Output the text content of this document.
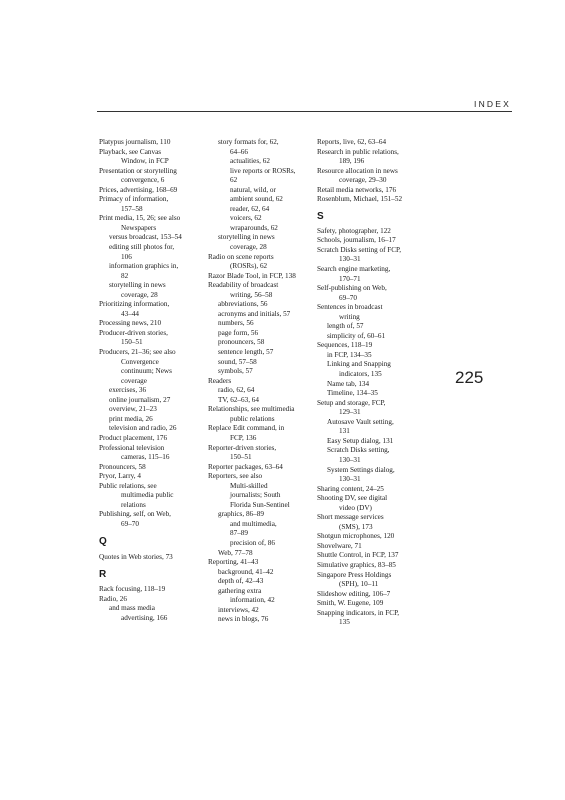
INDEX
225
Platypus journalism, 110
Playback, see Canvas
Window, in FCP
Presentation or storytelling
convergence, 6
Prices, advertising, 168–69
Primacy of information,
157–58
Print media, 15, 26; see also
Newspapers
versus broadcast, 153–54
editing still photos for,
106
information graphics in,
82
storytelling in news
coverage, 28
Prioritizing information,
43–44
Processing news, 210
Producer-driven stories,
150–51
Producers, 21–36; see also
Convergence
continuum; News
coverage
exercises, 36
online journalism, 27
overview, 21–23
print media, 26
television and radio, 26
Product placement, 176
Professional television
cameras, 115–16
Pronouncers, 58
Pryor, Larry, 4
Public relations, see
multimedia public
relations
Publishing, self, on Web,
69–70
Q
Quotes in Web stories, 73
R
Rack focusing, 118–19
Radio, 26
and mass media
advertising, 166
story formats for, 62,
64–66
actualities, 62
live reports or ROSRs,
62
natural, wild, or
ambient sound, 62
reader, 62, 64
voicers, 62
wraparounds, 62
storytelling in news
coverage, 28
Radio on scene reports
(ROSRs), 62
Razor Blade Tool, in FCP, 138
Readability of broadcast
writing, 56–58
abbreviations, 56
acronyms and initials, 57
numbers, 56
page form, 56
pronouncers, 58
sentence length, 57
sound, 57–58
symbols, 57
Readers
radio, 62, 64
TV, 62–63, 64
Relationships, see multimedia
public relations
Replace Edit command, in
FCP, 136
Reporter-driven stories,
150–51
Reporter packages, 63–64
Reporters, see also
Multi-skilled
journalists; South
Florida Sun-Sentinel
graphics, 86–89
and multimedia,
87–89
precision of, 86
Web, 77–78
Reporting, 41–43
background, 41–42
depth of, 42–43
gathering extra
information, 42
interviews, 42
news in blogs, 76
Reports, live, 62, 63–64
Research in public relations,
189, 196
Resource allocation in news
coverage, 29–30
Retail media networks, 176
Rosenblum, Michael, 151–52
S
Safety, photographer, 122
Schools, journalism, 16–17
Scratch Disks setting of FCP,
130–31
Search engine marketing,
170–71
Self-publishing on Web,
69–70
Sentences in broadcast
writing
length of, 57
simplicity of, 60–61
Sequences, 118–19
in FCP, 134–35
Linking and Snapping
indicators, 135
Name tab, 134
Timeline, 134–35
Setup and storage, FCP,
129–31
Autosave Vault setting,
131
Easy Setup dialog, 131
Scratch Disks setting,
130–31
System Settings dialog,
130–31
Sharing content, 24–25
Shooting DV, see digital
video (DV)
Short message services
(SMS), 173
Shotgun microphones, 120
Shovelware, 71
Shuttle Control, in FCP, 137
Simulative graphics, 83–85
Singapore Press Holdings
(SPH), 10–11
Slideshow editing, 106–7
Smith, W. Eugene, 109
Snapping indicators, in FCP,
135
